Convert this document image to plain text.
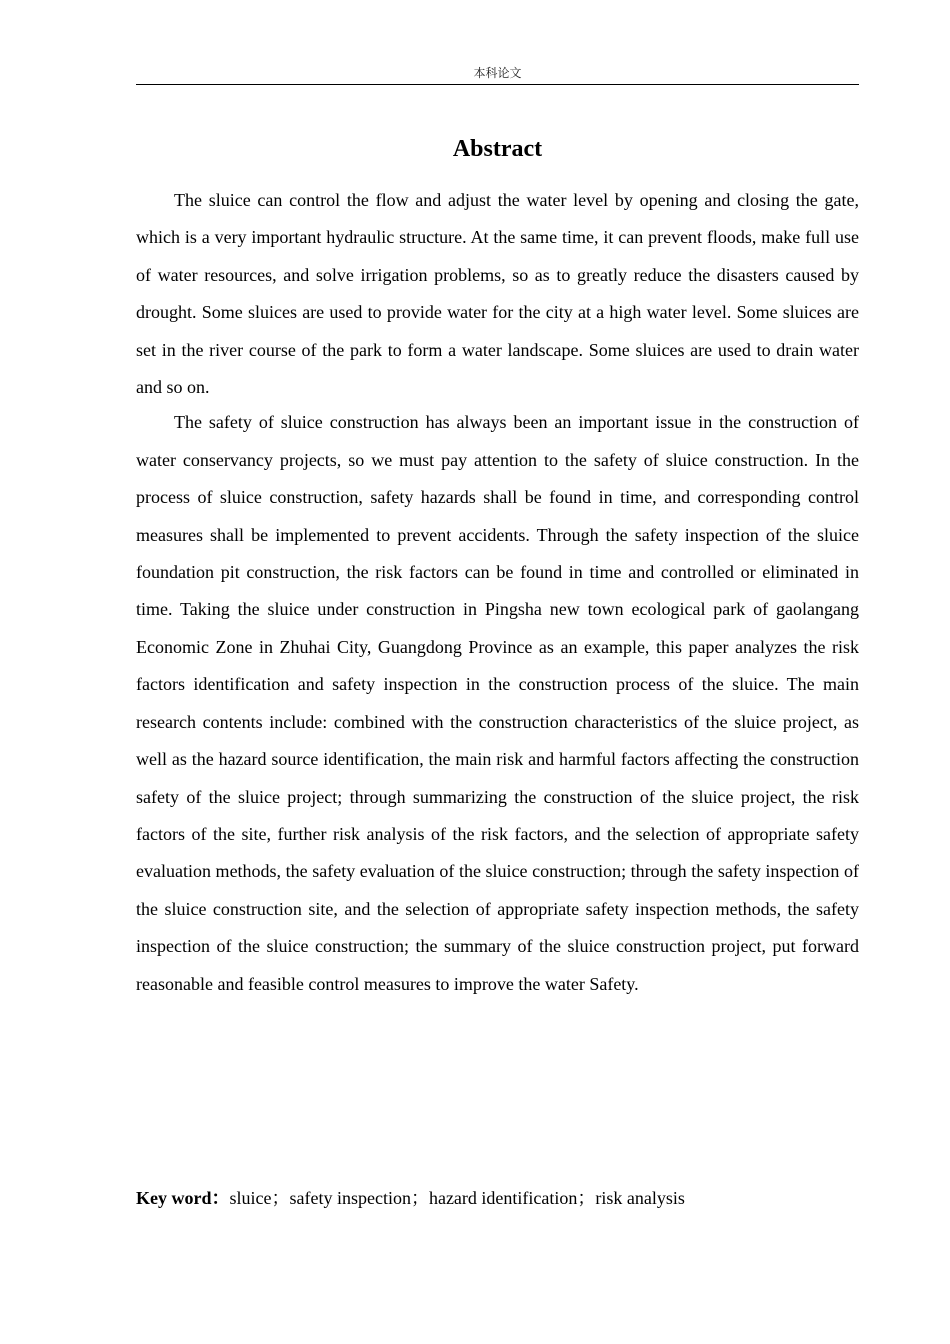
本科论文
Abstract

The sluice can control the flow and adjust the water level by opening and closing the gate, which is a very important hydraulic structure. At the same time, it can prevent floods, make full use of water resources, and solve irrigation problems, so as to greatly reduce the disasters caused by drought. Some sluices are used to provide water for the city at a high water level. Some sluices are set in the river course of the park to form a water landscape. Some sluices are used to drain water and so on.

The safety of sluice construction has always been an important issue in the construction of water conservancy projects, so we must pay attention to the safety of sluice construction. In the process of sluice construction, safety hazards shall be found in time, and corresponding control measures shall be implemented to prevent accidents. Through the safety inspection of the sluice foundation pit construction, the risk factors can be found in time and controlled or eliminated in time. Taking the sluice under construction in Pingsha new town ecological park of gaolangang Economic Zone in Zhuhai City, Guangdong Province as an example, this paper analyzes the risk factors identification and safety inspection in the construction process of the sluice. The main research contents include: combined with the construction characteristics of the sluice project, as well as the hazard source identification, the main risk and harmful factors affecting the construction safety of the sluice project; through summarizing the construction of the sluice project, the risk factors of the site, further risk analysis of the risk factors, and the selection of appropriate safety evaluation methods, the safety evaluation of the sluice construction; through the safety inspection of the sluice construction site, and the selection of appropriate safety inspection methods, the safety inspection of the sluice construction; the summary of the sluice construction project, put forward reasonable and feasible control measures to improve the water Safety.

Key word：sluice；safety inspection；hazard identification；risk analysis
